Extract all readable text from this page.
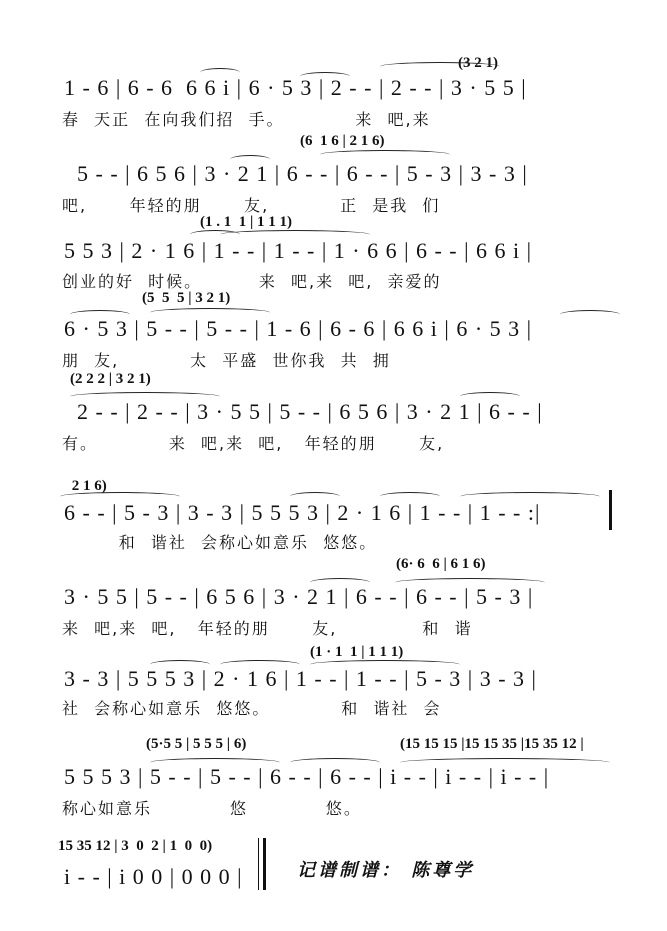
(3 2 1)
1 - 6 | 6 - 6  6 6 i | 6 · 5 3 | 2 - - | 2 - - | 3 · 5 5 |
春  天正  在向我们招  手。          来  吧,来
(6  1 6 | 2 1 6)
5 - - | 6 5 6 | 3 · 2 1 | 6 - - | 6 - - | 5 - 3 | 3 - 3 |
吧,      年轻的朋      友,          正  是我  们
(1 . 1  1 | 1 1 1)
5 5 3 | 2 · 1 6 | 1 - - | 1 - - | 1 · 6 6 | 6 - - | 6 6 i |
创业的好  时候。        来  吧,来  吧,  亲爱的
(5  5  5 | 3 2 1)
6 · 5 3 | 5 - - | 5 - - | 1 - 6 | 6 - 6 | 6 6 i | 6 · 5 3 |
朋  友,          太  平盛  世你我  共  拥
(2 2 2 | 3 2 1)
2 - - | 2 - - | 3 · 5 5 | 5 - - | 6 5 6 | 3 · 2 1 | 6 - - |
有。          来  吧,来  吧,   年轻的朋      友,
2 1 6)
6 - - | 5 - 3 | 3 - 3 | 5 5 5 3 | 2 · 1 6 | 1 - - | 1 - - :|
和  谐社  会称心如意乐  悠悠。
(6· 6  6 | 6 1 6)
3 · 5 5 | 5 - - | 6 5 6 | 3 · 2 1 | 6 - - | 6 - - | 5 - 3 |
来  吧,来  吧,   年轻的朋      友,            和  谐
(1 · 1  1 | 1 1 1)
3 - 3 | 5 5 5 3 | 2 · 1 6 | 1 - - | 1 - - | 5 - 3 | 3 - 3 |
社  会称心如意乐  悠悠。          和  谐社  会
(5·5 5 | 5 5 5 | 6)	(15 15 15 |15 15 35 |15 35 12 |
5 5 5 3 | 5 - - | 5 - - | 6 - - | 6 - - | i - - | i - - | i - - |
称心如意乐           悠           悠。
15 35 12 | 3  0  2 | 1  0  0)
i - - | i 0 0 | 0 0 0 |	记谱制谱： 陈尊学
